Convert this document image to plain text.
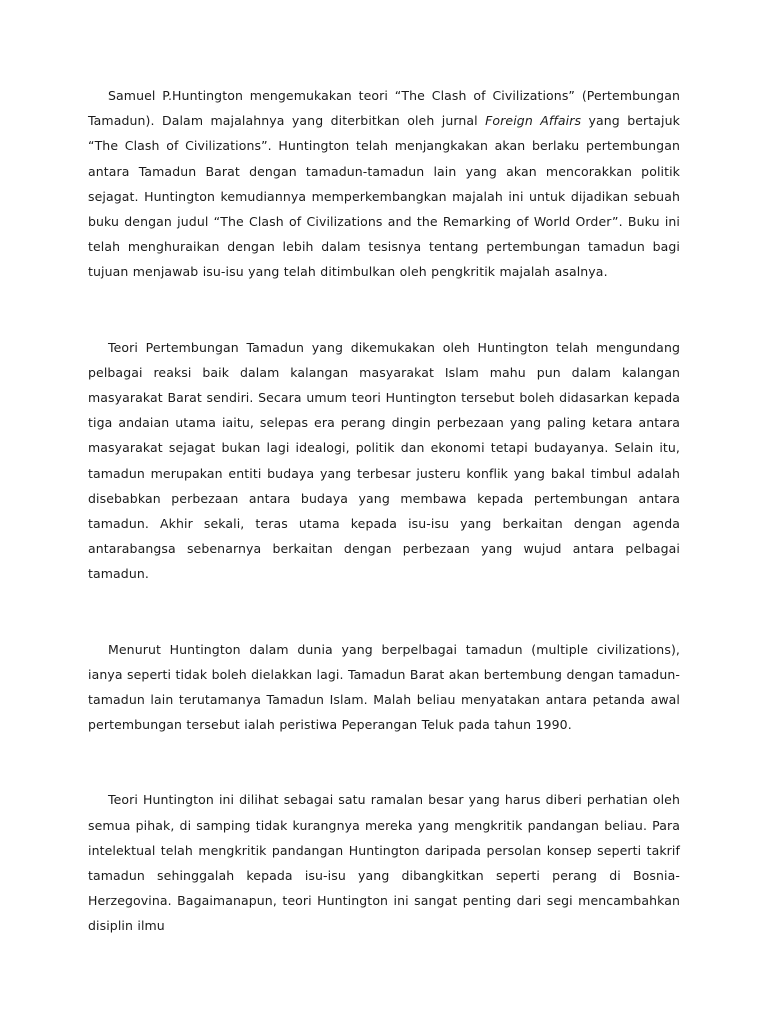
Samuel P.Huntington mengemukakan teori “The Clash of Civilizations” (Pertembungan Tamadun). Dalam majalahnya yang diterbitkan oleh jurnal Foreign Affairs yang bertajuk “The Clash of Civilizations”. Huntington telah menjangkakan akan berlaku pertembungan antara Tamadun Barat dengan tamadun-tamadun lain yang akan mencorakkan politik sejagat. Huntington kemudiannya memperkembangkan majalah ini untuk dijadikan sebuah buku dengan judul “The Clash of Civilizations and the Remarking of World Order”. Buku ini telah menghuraikan dengan lebih dalam tesisnya tentang pertembungan tamadun bagi tujuan menjawab isu-isu yang telah ditimbulkan oleh pengkritik majalah asalnya.

Teori Pertembungan Tamadun yang dikemukakan oleh Huntington telah mengundang pelbagai reaksi baik dalam kalangan masyarakat Islam mahu pun dalam kalangan masyarakat Barat sendiri. Secara umum teori Huntington tersebut boleh didasarkan kepada tiga andaian utama iaitu, selepas era perang dingin perbezaan yang paling ketara antara masyarakat sejagat bukan lagi idealogi, politik dan ekonomi tetapi budayanya. Selain itu, tamadun merupakan entiti budaya yang terbesar justeru konflik yang bakal timbul adalah disebabkan perbezaan antara budaya yang membawa kepada pertembungan antara tamadun. Akhir sekali, teras utama kepada isu-isu yang berkaitan dengan agenda antarabangsa sebenarnya berkaitan dengan perbezaan yang wujud antara pelbagai tamadun.

Menurut Huntington dalam dunia yang berpelbagai tamadun (multiple civilizations), ianya seperti tidak boleh dielakkan lagi. Tamadun Barat akan bertembung dengan tamadun-tamadun lain terutamanya Tamadun Islam. Malah beliau menyatakan antara petanda awal pertembungan tersebut ialah peristiwa Peperangan Teluk pada tahun 1990.

Teori Huntington ini dilihat sebagai satu ramalan besar yang harus diberi perhatian oleh semua pihak, di samping tidak kurangnya mereka yang mengkritik pandangan beliau. Para intelektual telah mengkritik pandangan Huntington daripada persolan konsep seperti takrif tamadun sehinggalah kepada isu-isu yang dibangkitkan seperti perang di Bosnia-Herzegovina. Bagaimanapun, teori Huntington ini sangat penting dari segi mencambahkan disiplin ilmu
